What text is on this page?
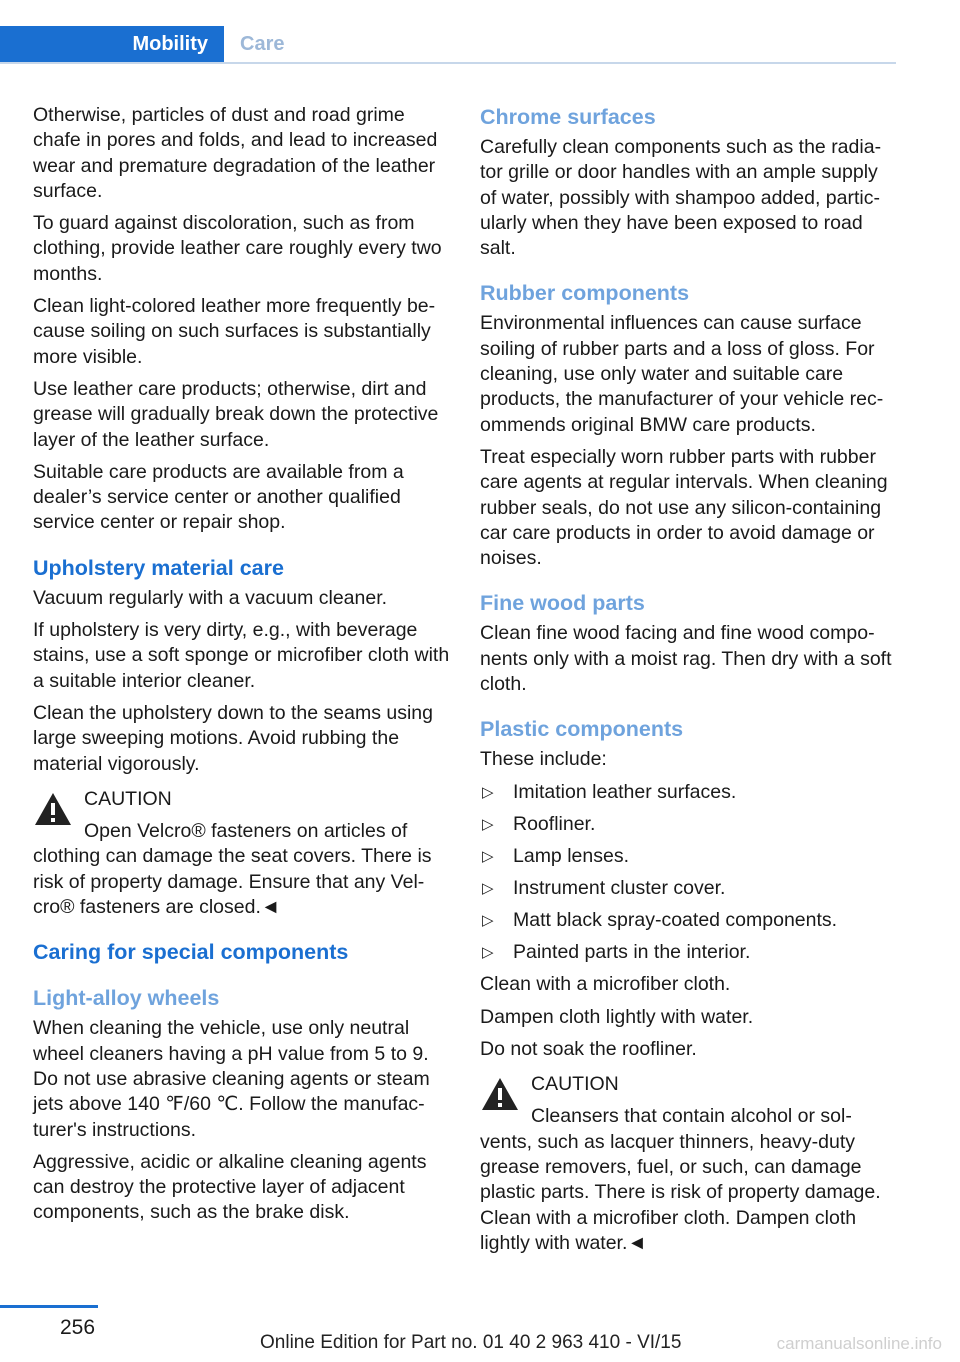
Mobility	Care

Otherwise, particles of dust and road grime chafe in pores and folds, and lead to increased wear and premature degradation of the leather surface.

To guard against discoloration, such as from clothing, provide leather care roughly every two months.

Clean light-colored leather more frequently because soiling on such surfaces is substantially more visible.

Use leather care products; otherwise, dirt and grease will gradually break down the protective layer of the leather surface.

Suitable care products are available from a dealer’s service center or another qualified service center or repair shop.

Upholstery material care

Vacuum regularly with a vacuum cleaner.

If upholstery is very dirty, e.g., with beverage stains, use a soft sponge or microfiber cloth with a suitable interior cleaner.

Clean the upholstery down to the seams using large sweeping motions. Avoid rubbing the material vigorously.

CAUTION
Open Velcro® fasteners on articles of clothing can damage the seat covers. There is risk of property damage. Ensure that any Velcro® fasteners are closed.◄
Caring for special components
Light-alloy wheels

When cleaning the vehicle, use only neutral wheel cleaners having a pH value from 5 to 9. Do not use abrasive cleaning agents or steam jets above 140 ℉/60 ℃. Follow the manufacturer's instructions.

Aggressive, acidic or alkaline cleaning agents can destroy the protective layer of adjacent components, such as the brake disk.

Chrome surfaces

Carefully clean components such as the radiator grille or door handles with an ample supply of water, possibly with shampoo added, particularly when they have been exposed to road salt.

Rubber components

Environmental influences can cause surface soiling of rubber parts and a loss of gloss. For cleaning, use only water and suitable care products, the manufacturer of your vehicle recommends original BMW care products.

Treat especially worn rubber parts with rubber care agents at regular intervals. When cleaning rubber seals, do not use any silicon-containing car care products in order to avoid damage or noises.

Fine wood parts

Clean fine wood facing and fine wood components only with a moist rag. Then dry with a soft cloth.

Plastic components

These include:

▷ Imitation leather surfaces.
▷ Roofliner.
▷ Lamp lenses.
▷ Instrument cluster cover.
▷ Matt black spray-coated components.
▷ Painted parts in the interior.

Clean with a microfiber cloth.

Dampen cloth lightly with water.

Do not soak the roofliner.

CAUTION
Cleansers that contain alcohol or solvents, such as lacquer thinners, heavy-duty grease removers, fuel, or such, can damage plastic parts. There is risk of property damage. Clean with a microfiber cloth. Dampen cloth lightly with water.◄
256
Online Edition for Part no. 01 40 2 963 410 - VI/15	carmanualsonline.info
